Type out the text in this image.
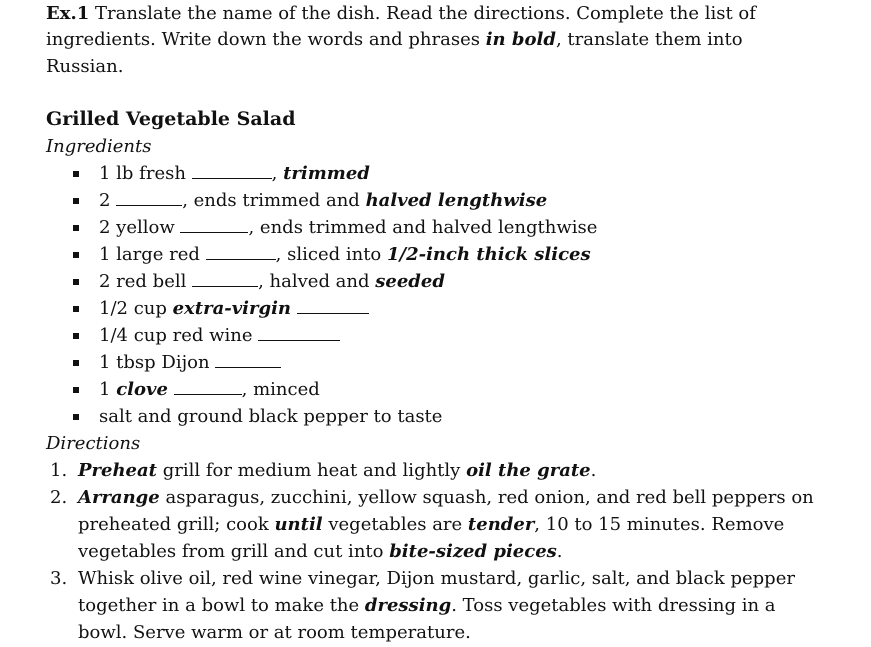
Ex.1 Translate the name of the dish. Read the directions. Complete the list of
ingredients. Write down the words and phrases in bold, translate them into
Russian.
Grilled Vegetable Salad
Ingredients
1 lb fresh	, trimmed
2	, ends trimmed and halved lengthwise
2 yellow	, ends trimmed and halved lengthwise
1 large red	, sliced into 1/2-inch thick slices
2 red bell	, halved and seeded
1/2 cup extra-virgin
1/4 cup red wine
1 tbsp Dijon
1 clove	, minced
salt and ground black pepper to taste
Directions
1. Preheat grill for medium heat and lightly oil the grate.
2. Arrange asparagus, zucchini, yellow squash, red onion, and red bell peppers on
preheated grill; cook until vegetables are tender, 10 to 15 minutes. Remove
vegetables from grill and cut into bite-sized pieces.
3. Whisk olive oil, red wine vinegar, Dijon mustard, garlic, salt, and black pepper
together in a bowl to make the dressing. Toss vegetables with dressing in a
bowl. Serve warm or at room temperature.
